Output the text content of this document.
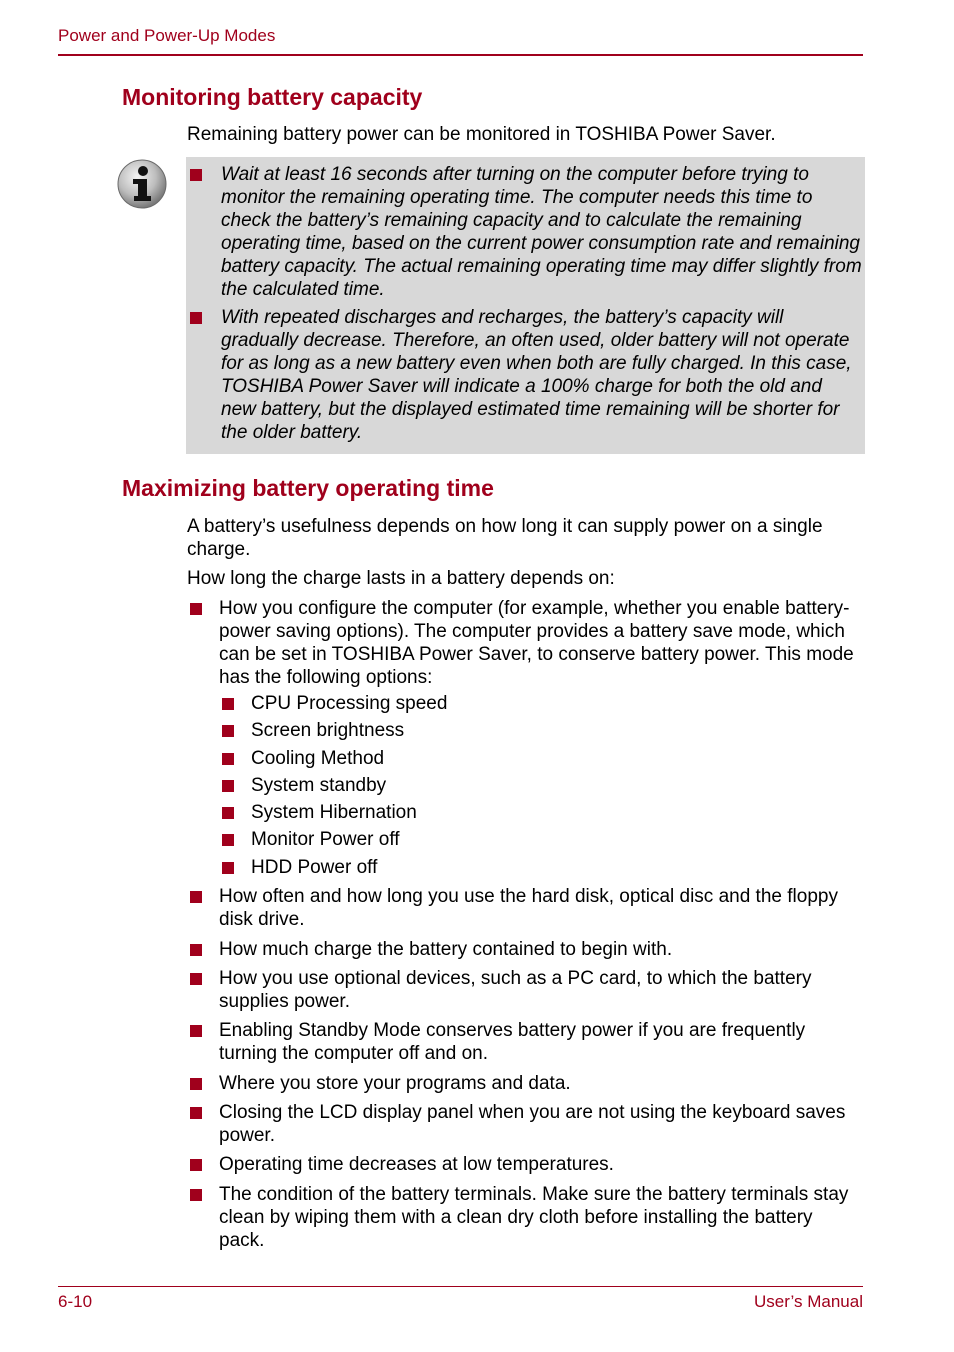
Power and Power-Up Modes
Monitoring battery capacity
Remaining battery power can be monitored in TOSHIBA Power Saver.
Wait at least 16 seconds after turning on the computer before trying to monitor the remaining operating time. The computer needs this time to check the battery’s remaining capacity and to calculate the remaining operating time, based on the current power consumption rate and remaining battery capacity. The actual remaining operating time may differ slightly from the calculated time.
With repeated discharges and recharges, the battery’s capacity will gradually decrease. Therefore, an often used, older battery will not operate for as long as a new battery even when both are fully charged. In this case, TOSHIBA Power Saver will indicate a 100% charge for both the old and new battery, but the displayed estimated time remaining will be shorter for the older battery.
Maximizing battery operating time
A battery’s usefulness depends on how long it can supply power on a single charge.
How long the charge lasts in a battery depends on:
How you configure the computer (for example, whether you enable battery-power saving options). The computer provides a battery save mode, which can be set in TOSHIBA Power Saver, to conserve battery power. This mode has the following options:
CPU Processing speed
Screen brightness
Cooling Method
System standby
System Hibernation
Monitor Power off
HDD Power off
How often and how long you use the hard disk, optical disc and the floppy disk drive.
How much charge the battery contained to begin with.
How you use optional devices, such as a PC card, to which the battery supplies power.
Enabling Standby Mode conserves battery power if you are frequently turning the computer off and on.
Where you store your programs and data.
Closing the LCD display panel when you are not using the keyboard saves power.
Operating time decreases at low temperatures.
The condition of the battery terminals. Make sure the battery terminals stay clean by wiping them with a clean dry cloth before installing the battery pack.
6-10	User’s Manual
